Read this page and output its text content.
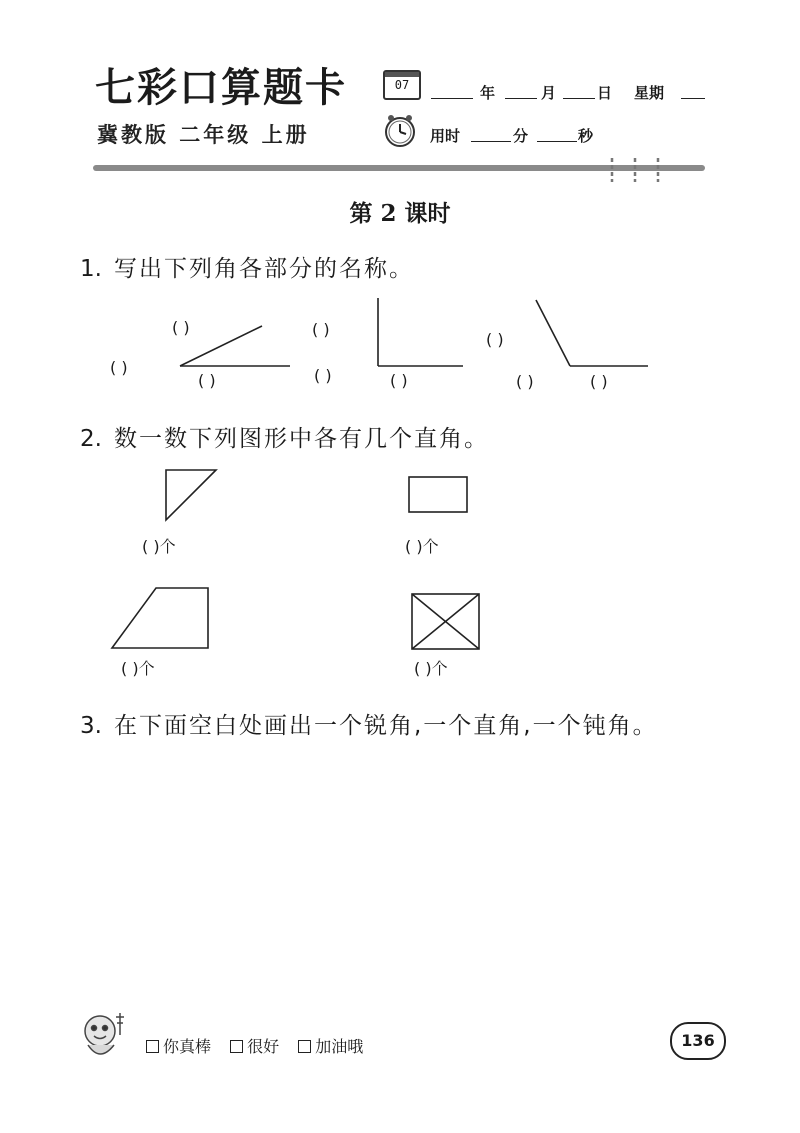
七彩口算题卡
冀教版 二年级 上册
07	年	月	日 星期
用时	分	秒
第 2 课时
1. 写出下列角各部分的名称。
( )
( )
( )
( )
( )	( )
( )
( )	( )
2. 数一数下列图形中各有几个直角。
( )个	( )个
( )个	( )个
3. 在下面空白处画出一个锐角,一个直角,一个钝角。
你真棒 很好 加油哦	136
